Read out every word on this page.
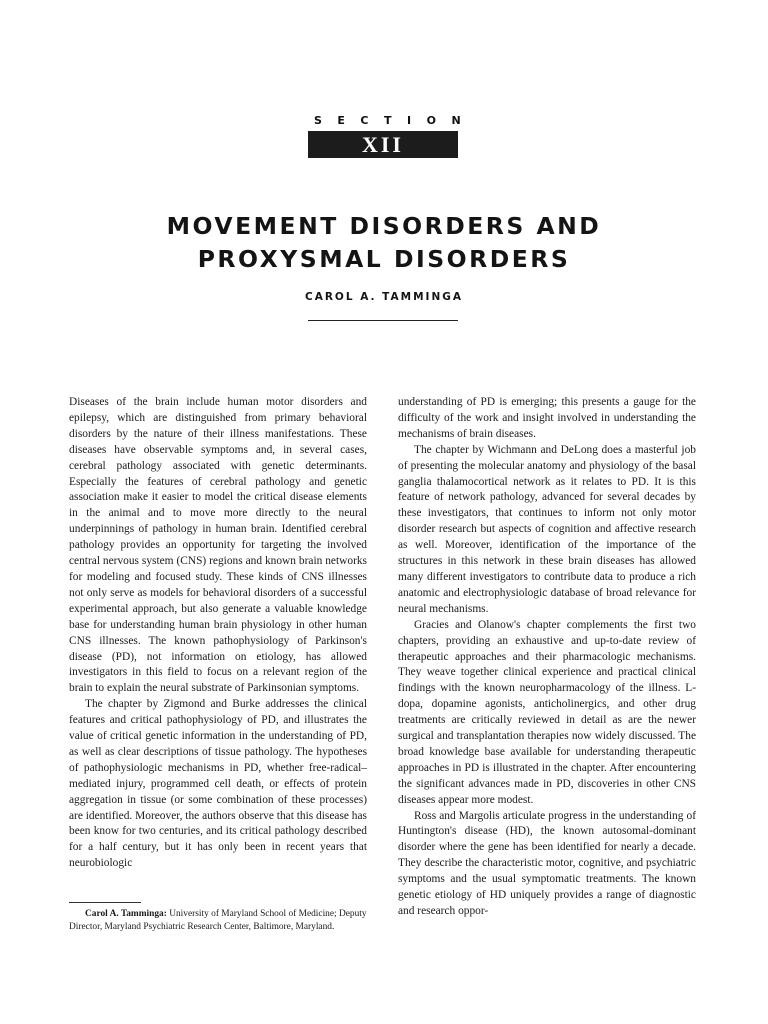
SECTION
XII
MOVEMENT DISORDERS AND
PROXYSMAL DISORDERS
CAROL A. TAMMINGA

Diseases of the brain include human motor disorders and epilepsy, which are distinguished from primary behavioral disorders by the nature of their illness manifestations. These diseases have observable symptoms and, in several cases, cerebral pathology associated with genetic determinants. Especially the features of cerebral pathology and genetic association make it easier to model the critical disease elements in the animal and to move more directly to the neural underpinnings of pathology in human brain. Identified cerebral pathology provides an opportunity for targeting the involved central nervous system (CNS) regions and known brain networks for modeling and focused study. These kinds of CNS illnesses not only serve as models for behavioral disorders of a successful experimental approach, but also generate a valuable knowledge base for understanding human brain physiology in other human CNS illnesses. The known pathophysiology of Parkinson's disease (PD), not information on etiology, has allowed investigators in this field to focus on a relevant region of the brain to explain the neural substrate of Parkinsonian symptoms.

The chapter by Zigmond and Burke addresses the clinical features and critical pathophysiology of PD, and illustrates the value of critical genetic information in the understanding of PD, as well as clear descriptions of tissue pathology. The hypotheses of pathophysiologic mechanisms in PD, whether free-radical–mediated injury, programmed cell death, or effects of protein aggregation in tissue (or some combination of these processes) are identified. Moreover, the authors observe that this disease has been know for two centuries, and its critical pathology described for a half century, but it has only been in recent years that neurobiologic

understanding of PD is emerging; this presents a gauge for the difficulty of the work and insight involved in understanding the mechanisms of brain diseases.

The chapter by Wichmann and DeLong does a masterful job of presenting the molecular anatomy and physiology of the basal ganglia thalamocortical network as it relates to PD. It is this feature of network pathology, advanced for several decades by these investigators, that continues to inform not only motor disorder research but aspects of cognition and affective research as well. Moreover, identification of the importance of the structures in this network in these brain diseases has allowed many different investigators to contribute data to produce a rich anatomic and electrophysiologic database of broad relevance for neural mechanisms.

Gracies and Olanow's chapter complements the first two chapters, providing an exhaustive and up-to-date review of therapeutic approaches and their pharmacologic mechanisms. They weave together clinical experience and practical clinical findings with the known neuropharmacology of the illness. L-dopa, dopamine agonists, anticholinergics, and other drug treatments are critically reviewed in detail as are the newer surgical and transplantation therapies now widely discussed. The broad knowledge base available for understanding therapeutic approaches in PD is illustrated in the chapter. After encountering the significant advances made in PD, discoveries in other CNS diseases appear more modest.

Ross and Margolis articulate progress in the understanding of Huntington's disease (HD), the known autosomal-dominant disorder where the gene has been identified for nearly a decade. They describe the characteristic motor, cognitive, and psychiatric symptoms and the usual symptomatic treatments. The known genetic etiology of HD uniquely provides a range of diagnostic and research oppor-

Carol A. Tamminga: University of Maryland School of Medicine; Deputy Director, Maryland Psychiatric Research Center, Baltimore, Maryland.
